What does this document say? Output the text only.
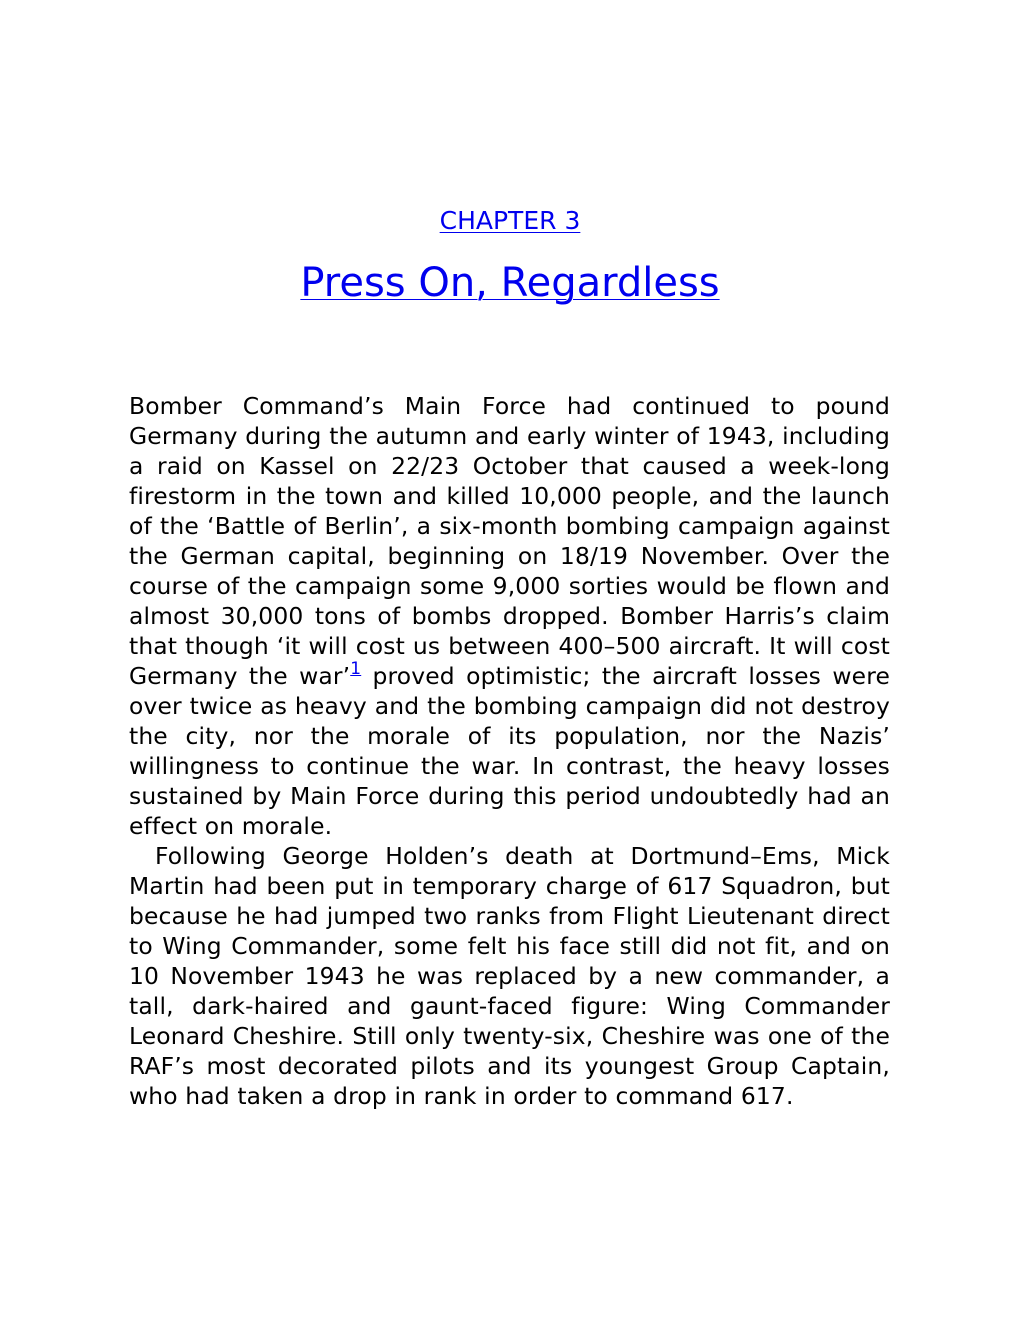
CHAPTER 3
Press On, Regardless

Bomber Command’s Main Force had continued to pound Germany during the autumn and early winter of 1943, including a raid on Kassel on 22/23 October that caused a week-long firestorm in the town and killed 10,000 people, and the launch of the ‘Battle of Berlin’, a six-month bombing campaign against the German capital, beginning on 18/19 November. Over the course of the campaign some 9,000 sorties would be flown and almost 30,000 tons of bombs dropped. Bomber Harris’s claim that though ‘it will cost us between 400–500 aircraft. It will cost Germany the war’$^1$ proved optimistic; the aircraft losses were over twice as heavy and the bombing campaign did not destroy the city, nor the morale of its population, nor the Nazis’ willingness to continue the war. In contrast, the heavy losses sustained by Main Force during this period undoubtedly had an effect on morale.

Following George Holden’s death at Dortmund–Ems, Mick Martin had been put in temporary charge of 617 Squadron, but because he had jumped two ranks from Flight Lieutenant direct to Wing Commander, some felt his face still did not fit, and on 10 November 1943 he was replaced by a new commander, a tall, dark-haired and gaunt-faced figure: Wing Commander Leonard Cheshire. Still only twenty-six, Cheshire was one of the RAF’s most decorated pilots and its youngest Group Captain, who had taken a drop in rank in order to command 617.
